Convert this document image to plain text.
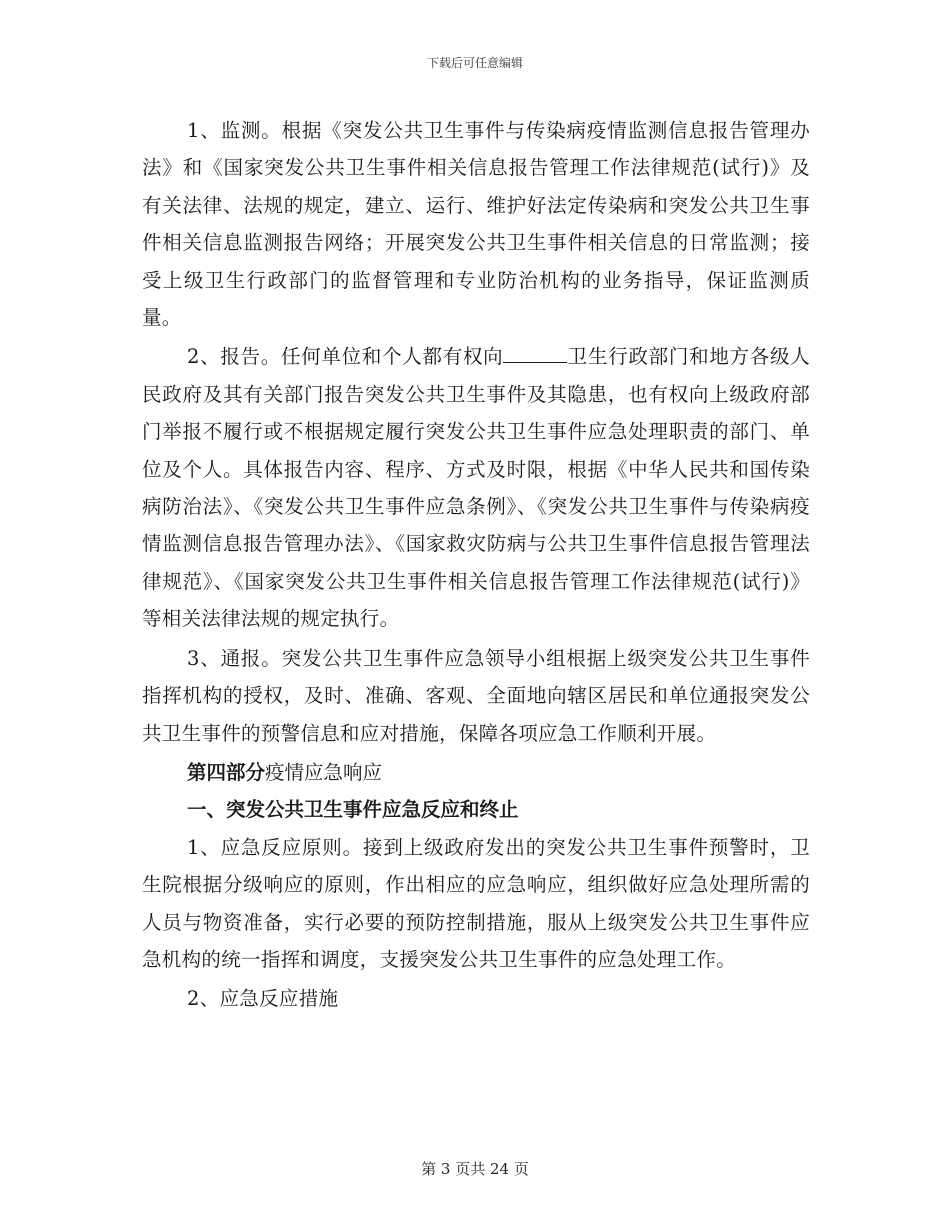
下载后可任意编辑

1、监测。根据《突发公共卫生事件与传染病疫情监测信息报告管理办法》和《国家突发公共卫生事件相关信息报告管理工作法律规范(试行)》及有关法律、法规的规定，建立、运行、维护好法定传染病和突发公共卫生事件相关信息监测报告网络；开展突发公共卫生事件相关信息的日常监测；接受上级卫生行政部门的监督管理和专业防治机构的业务指导，保证监测质量。

2、报告。任何单位和个人都有权向	卫生行政部门和地方各级人民政府及其有关部门报告突发公共卫生事件及其隐患，也有权向上级政府部门举报不履行或不根据规定履行突发公共卫生事件应急处理职责的部门、单位及个人。具体报告内容、程序、方式及时限，根据《中华人民共和国传染病防治法》、《突发公共卫生事件应急条例》、《突发公共卫生事件与传染病疫情监测信息报告管理办法》、《国家救灾防病与公共卫生事件信息报告管理法律规范》、《国家突发公共卫生事件相关信息报告管理工作法律规范(试行)》等相关法律法规的规定执行。

3、通报。突发公共卫生事件应急领导小组根据上级突发公共卫生事件指挥机构的授权，及时、准确、客观、全面地向辖区居民和单位通报突发公共卫生事件的预警信息和应对措施，保障各项应急工作顺利开展。

第四部分疫情应急响应

一、突发公共卫生事件应急反应和终止

1、应急反应原则。接到上级政府发出的突发公共卫生事件预警时，卫生院根据分级响应的原则，作出相应的应急响应，组织做好应急处理所需的人员与物资准备，实行必要的预防控制措施，服从上级突发公共卫生事件应急机构的统一指挥和调度，支援突发公共卫生事件的应急处理工作。

2、应急反应措施

第 3 页共 24 页
